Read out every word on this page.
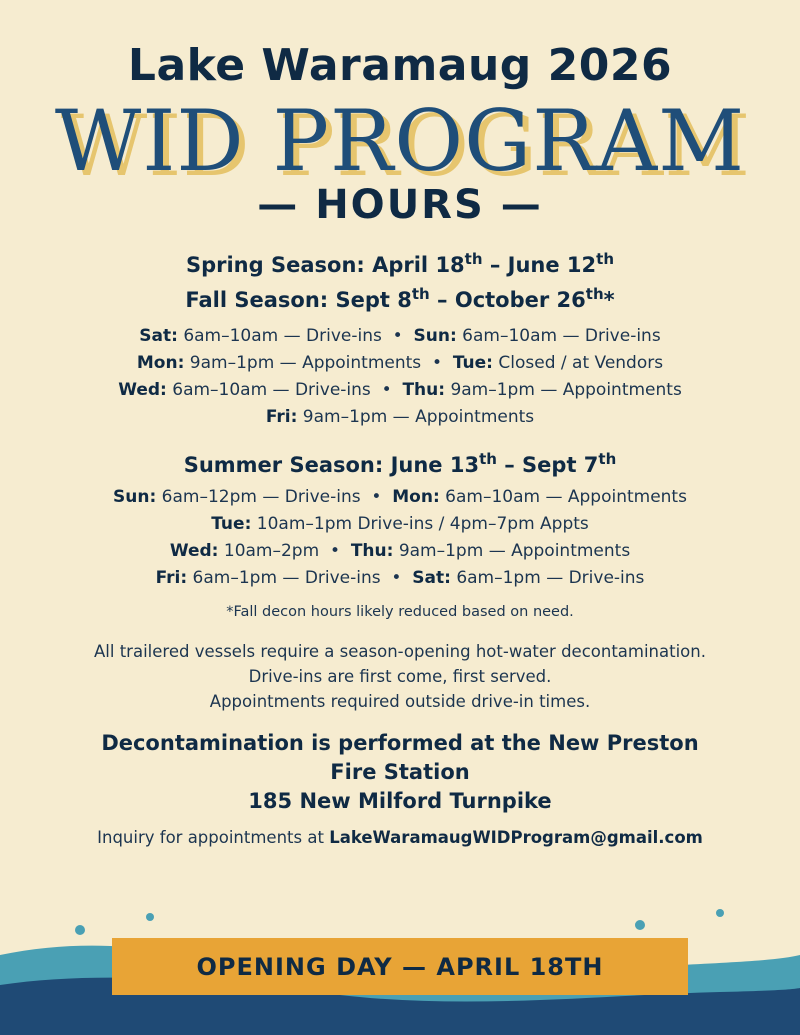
Lake Waramaug 2026
WID PROGRAM
— HOURS —
Spring Season: April 18th – June 12th
Fall Season: Sept 8th – October 26th*
Sat: 6am–10am — Drive-ins  •  Sun: 6am–10am — Drive-ins
Mon: 9am–1pm — Appointments  •  Tue: Closed / at Vendors
Wed: 6am–10am — Drive-ins  •  Thu: 9am–1pm — Appointments
Fri: 9am–1pm — Appointments
Summer Season: June 13th – Sept 7th
Sun: 6am–12pm — Drive-ins  •  Mon: 6am–10am — Appointments
Tue: 10am–1pm Drive-ins / 4pm–7pm Appts
Wed: 10am–2pm  •  Thu: 9am–1pm — Appointments
Fri: 6am–1pm — Drive-ins  •  Sat: 6am–1pm — Drive-ins
*Fall decon hours likely reduced based on need.
All trailered vessels require a season-opening hot-water decontamination.
Drive-ins are first come, first served.
Appointments required outside drive-in times.
Decontamination is performed at the New Preston
Fire Station
185 New Milford Turnpike
Inquiry for appointments at LakeWaramaugWIDProgram@gmail.com
OPENING DAY — APRIL 18TH
